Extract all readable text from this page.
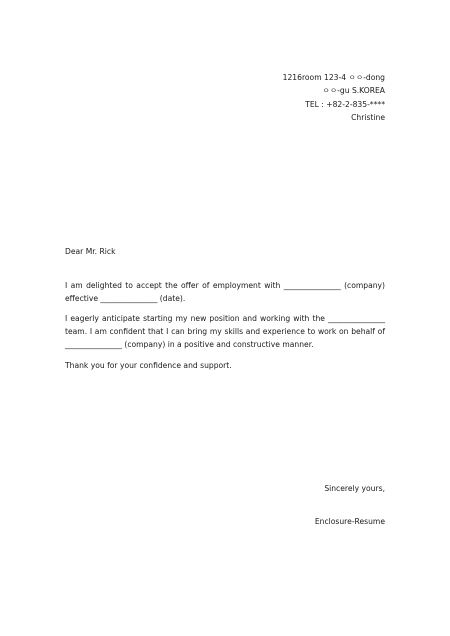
1216room 123-4 ㅇㅇ-dong
ㅇㅇ-gu S.KOREA
TEL : +82-2-835-****
Christine
Dear Mr. Rick
I am delighted to accept the offer of employment with _______________ (company) effective _______________ (date).
I eagerly anticipate starting my new position and working with the _______________ team. I am confident that I can bring my skills and experience to work on behalf of _______________ (company) in a positive and constructive manner.
Thank you for your confidence and support.
Sincerely yours,
Enclosure-Resume
